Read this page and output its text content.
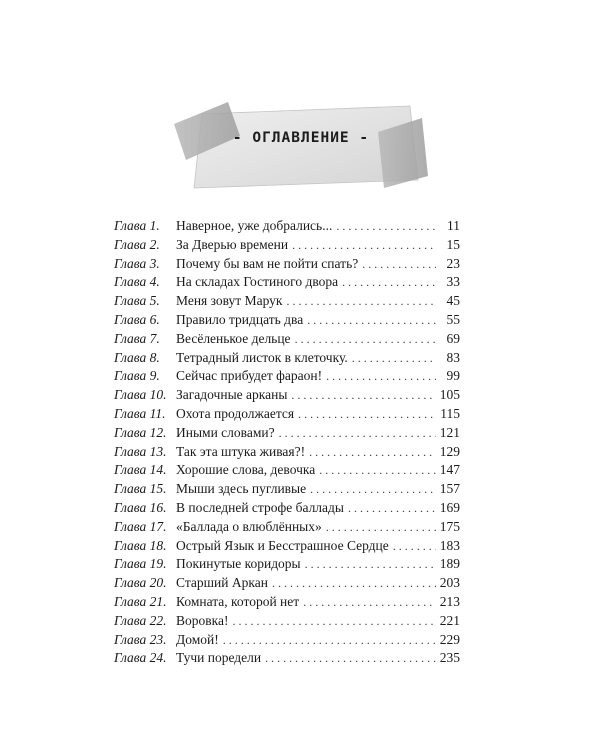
- ОГЛАВЛЕНИЕ -
Глава 1.	Наверное, уже добрались... . . .	11
Глава 2.	За Дверью времени . . .	15
Глава 3.	Почему бы вам не пойти спать? . . .	23
Глава 4.	На складах Гостиного двора . . .	33
Глава 5.	Меня зовут Марук . . .	45
Глава 6.	Правило тридцать два . . .	55
Глава 7.	Весёленькое дельце . . .	69
Глава 8.	Тетрадный листок в клеточку. . . .	83
Глава 9.	Сейчас прибудет фараон! . . .	99
Глава 10. Загадочные арканы . . .	105
Глава 11. Охота продолжается . . .	115
Глава 12. Иными словами? . . .	121
Глава 13. Так эта штука живая?! . . .	129
Глава 14. Хорошие слова, девочка . . .	147
Глава 15. Мыши здесь пугливые . . .	157
Глава 16. В последней строфе баллады . . .	169
Глава 17. «Баллада о влюблённых» . . .	175
Глава 18. Острый Язык и Бесстрашное Сердце . . .	183
Глава 19. Покинутые коридоры . . .	189
Глава 20. Старший Аркан . . .	203
Глава 21. Комната, которой нет . . .	213
Глава 22. Воровка! . . .	221
Глава 23. Домой! . . .	229
Глава 24. Тучи поредели . . .	235
